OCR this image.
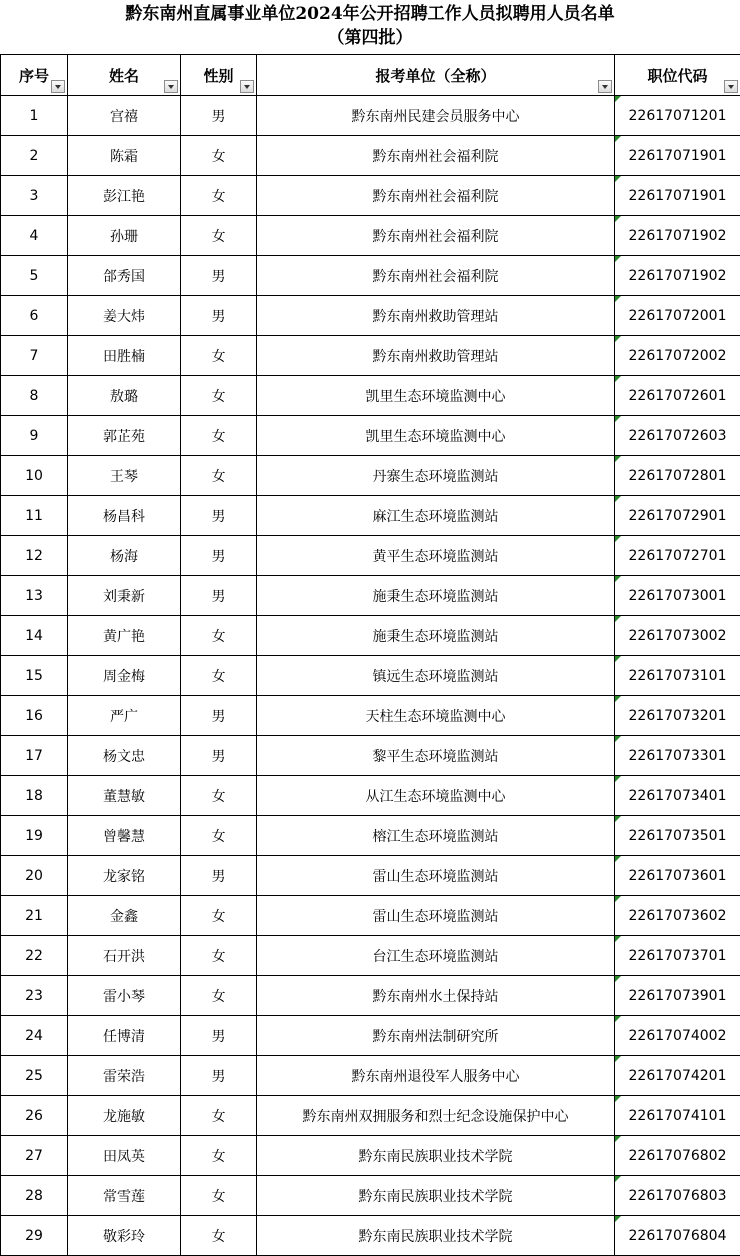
黔东南州直属事业单位2024年公开招聘工作人员拟聘用人员名单
（第四批）
序号	姓名	性别	报考单位（全称）	职位代码

1	宫禧	男	黔东南州民建会员服务中心	22617071201
2	陈霜	女	黔东南州社会福利院	22617071901
3	彭江艳	女	黔东南州社会福利院	22617071901
4	孙珊	女	黔东南州社会福利院	22617071902
5	郃秀国	男	黔东南州社会福利院	22617071902
6	姜大炜	男	黔东南州救助管理站	22617072001
7	田胜楠	女	黔东南州救助管理站	22617072002
8	敖璐	女	凯里生态环境监测中心	22617072601
9	郭芷苑	女	凯里生态环境监测中心	22617072603
10	王琴	女	丹寨生态环境监测站	22617072801
11	杨昌科	男	麻江生态环境监测站	22617072901
12	杨海	男	黄平生态环境监测站	22617072701
13	刘秉新	男	施秉生态环境监测站	22617073001
14	黄广艳	女	施秉生态环境监测站	22617073002
15	周金梅	女	镇远生态环境监测站	22617073101
16	严广	男	天柱生态环境监测中心	22617073201
17	杨文忠	男	黎平生态环境监测站	22617073301
18	董慧敏	女	从江生态环境监测中心	22617073401
19	曾馨慧	女	榕江生态环境监测站	22617073501
20	龙家铭	男	雷山生态环境监测站	22617073601
21	金鑫	女	雷山生态环境监测站	22617073602
22	石开洪	女	台江生态环境监测站	22617073701
23	雷小琴	女	黔东南州水土保持站	22617073901
24	任博清	男	黔东南州法制研究所	22617074002
25	雷荣浩	男	黔东南州退役军人服务中心	22617074201
26	龙施敏	女	黔东南州双拥服务和烈士纪念设施保护中心	22617074101
27	田凤英	女	黔东南民族职业技术学院	22617076802
28	常雪莲	女	黔东南民族职业技术学院	22617076803
29	敬彩玲	女	黔东南民族职业技术学院	22617076804
